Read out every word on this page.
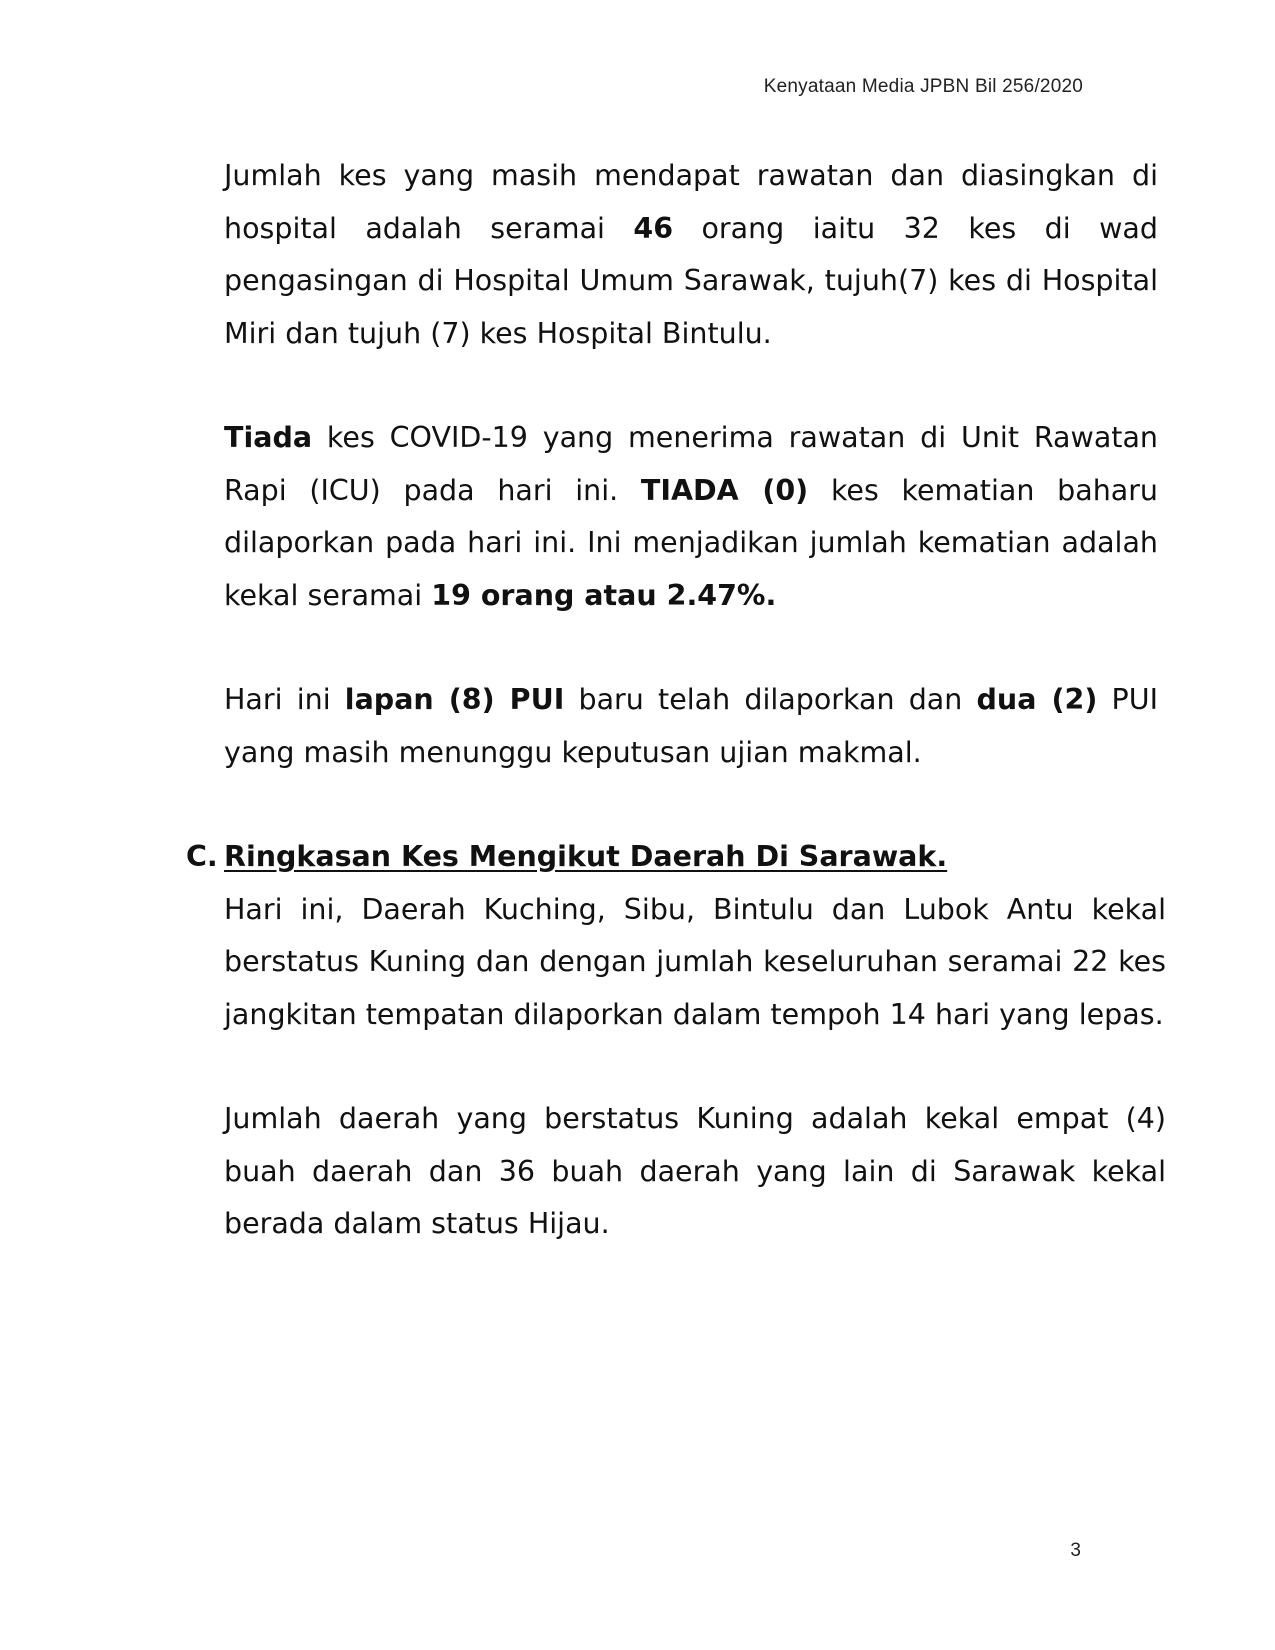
Kenyataan Media JPBN Bil 256/2020

Jumlah kes yang masih mendapat rawatan dan diasingkan di hospital adalah seramai 46 orang iaitu 32 kes di wad pengasingan di Hospital Umum Sarawak, tujuh(7) kes di Hospital Miri dan tujuh (7) kes Hospital Bintulu.

Tiada kes COVID-19 yang menerima rawatan di Unit Rawatan Rapi (ICU) pada hari ini. TIADA (0) kes kematian baharu dilaporkan pada hari ini. Ini menjadikan jumlah kematian adalah kekal seramai 19 orang atau 2.47%.

Hari ini lapan (8) PUI baru telah dilaporkan dan dua (2) PUI yang masih menunggu keputusan ujian makmal.

C. Ringkasan Kes Mengikut Daerah Di Sarawak.

Hari ini, Daerah Kuching, Sibu, Bintulu dan Lubok Antu kekal berstatus Kuning dan dengan jumlah keseluruhan seramai 22 kes jangkitan tempatan dilaporkan dalam tempoh 14 hari yang lepas.

Jumlah daerah yang berstatus Kuning adalah kekal empat (4) buah daerah dan 36 buah daerah yang lain di Sarawak kekal berada dalam status Hijau.

3
